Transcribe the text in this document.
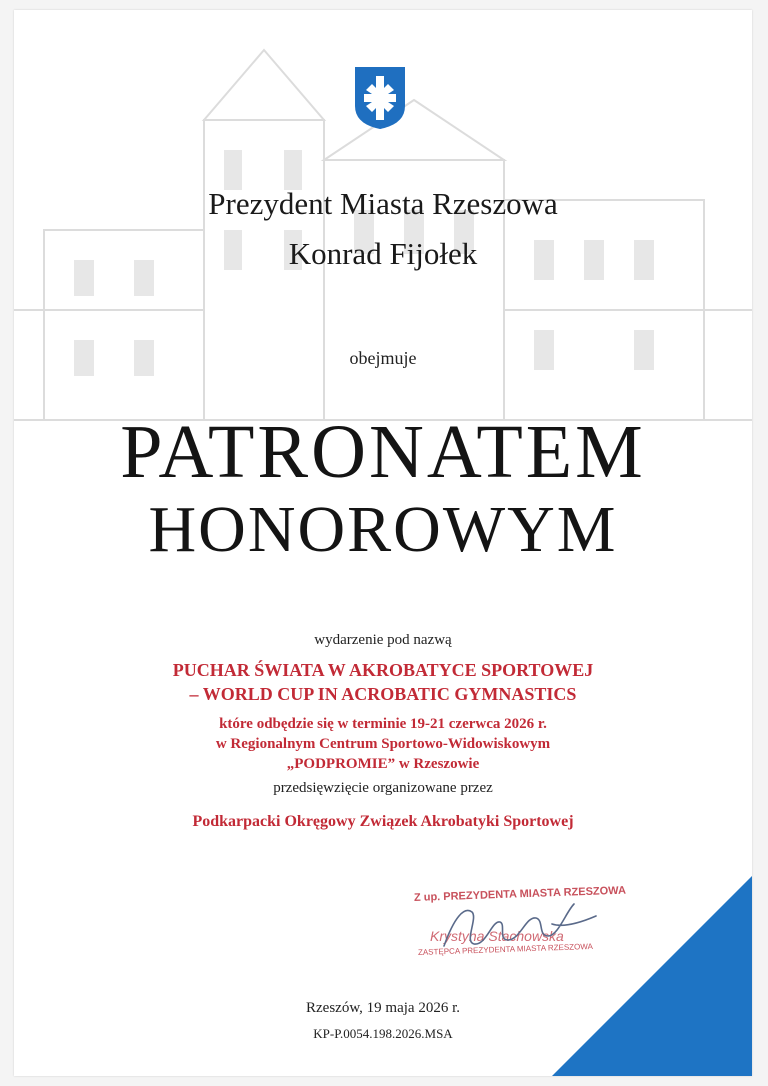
Prezydent Miasta Rzeszowa

Konrad Fijołek

obejmuje

PATRONATEM

HONOROWYM

wydarzenie pod nazwą

PUCHAR ŚWIATA W AKROBATYCE SPORTOWEJ

– WORLD CUP IN ACROBATIC GYMNASTICS

które odbędzie się w terminie 19-21 czerwca 2026 r.

w Regionalnym Centrum Sportowo-Widowiskowym

„PODPROMIE” w Rzeszowie

przedsięwzięcie organizowane przez

Podkarpacki Okręgowy Związek Akrobatyki Sportowej

Z up. PREZYDENTA MIASTA RZESZOWA
Krystyna Stachowska
ZASTĘPCA PREZYDENTA MIASTA RZESZOWA

Rzeszów, 19 maja 2026 r.

KP-P.0054.198.2026.MSA
